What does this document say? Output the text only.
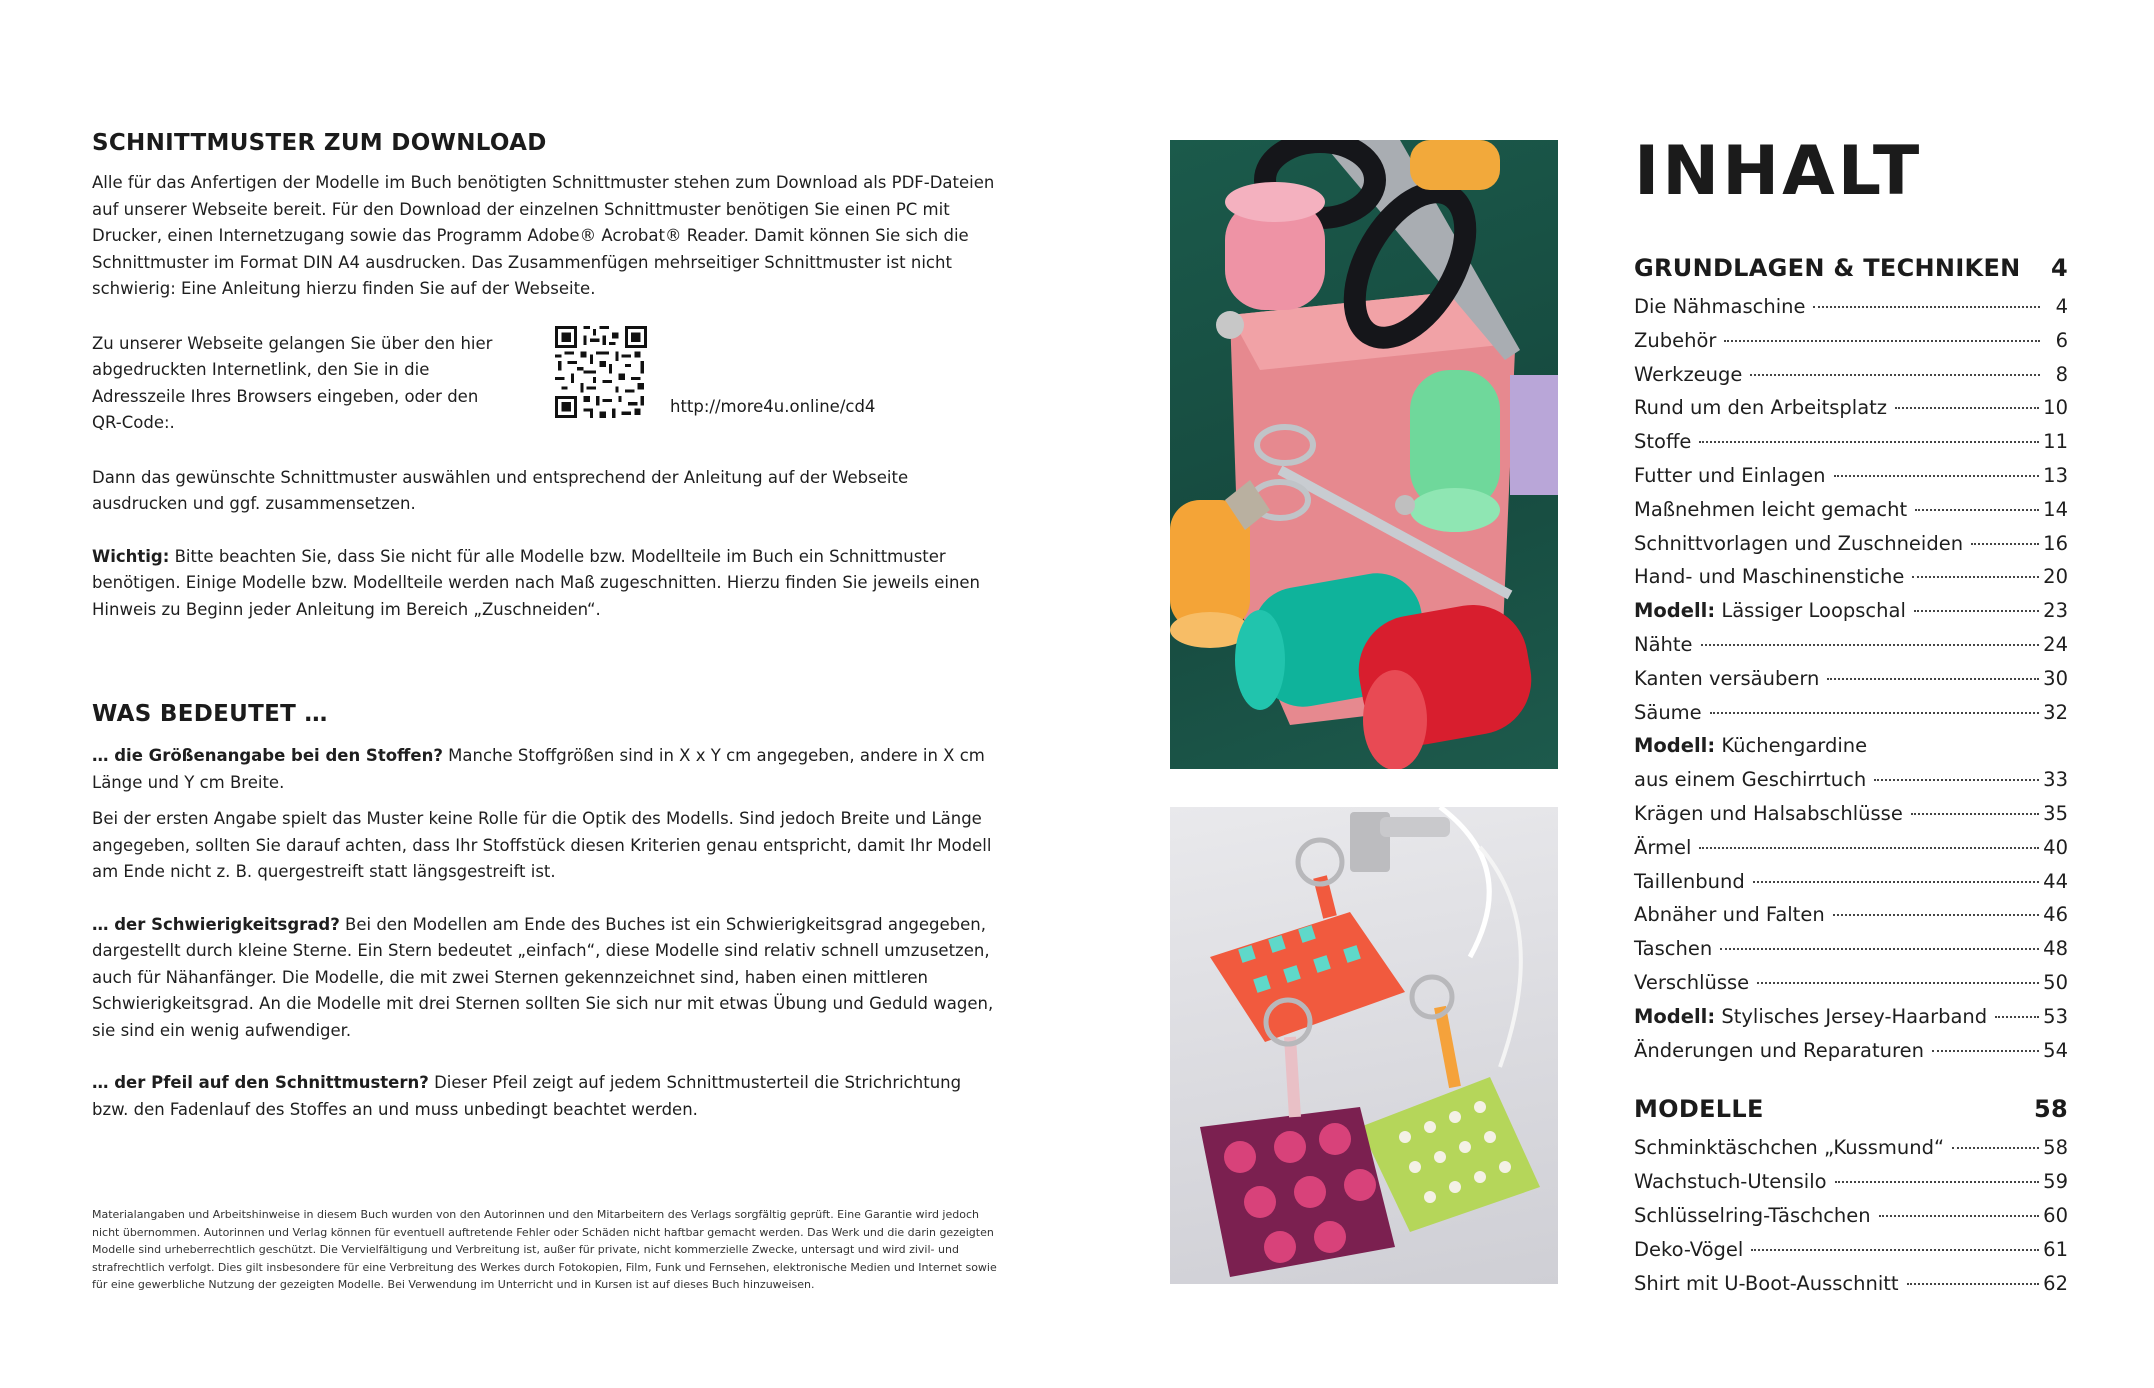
SCHNITTMUSTER ZUM DOWNLOAD

Alle für das Anfertigen der Modelle im Buch benötigten Schnittmuster stehen zum Download als PDF-Dateien auf unserer Webseite bereit. Für den Download der einzelnen Schnittmuster benötigen Sie einen PC mit Drucker, einen Internetzugang sowie das Programm Adobe® Acrobat® Reader. Damit können Sie sich die Schnittmuster im Format DIN A4 ausdrucken. Das Zusammenfügen mehrseitiger Schnittmuster ist nicht schwierig: Eine Anleitung hierzu finden Sie auf der Webseite.

Zu unserer Webseite gelangen Sie über den hier abgedruckten Internetlink, den Sie in die Adresszeile Ihres Browsers eingeben, oder den QR-Code:.

http://more4u.online/cd4

Dann das gewünschte Schnittmuster auswählen und entsprechend der Anleitung auf der Webseite ausdrucken und ggf. zusammensetzen.

Wichtig: Bitte beachten Sie, dass Sie nicht für alle Modelle bzw. Modellteile im Buch ein Schnittmuster benötigen. Einige Modelle bzw. Modellteile werden nach Maß zugeschnitten. Hierzu finden Sie jeweils einen Hinweis zu Beginn jeder Anleitung im Bereich „Zuschneiden“.

WAS BEDEUTET …

… die Größenangabe bei den Stoffen? Manche Stoffgrößen sind in X x Y cm angegeben, andere in X cm Länge und Y cm Breite.

Bei der ersten Angabe spielt das Muster keine Rolle für die Optik des Modells. Sind jedoch Breite und Länge angegeben, sollten Sie darauf achten, dass Ihr Stoffstück diesen Kriterien genau entspricht, damit Ihr Modell am Ende nicht z. B. quergestreift statt längsgestreift ist.

… der Schwierigkeitsgrad? Bei den Modellen am Ende des Buches ist ein Schwierigkeitsgrad angegeben, dargestellt durch kleine Sterne. Ein Stern bedeutet „einfach“, diese Modelle sind relativ schnell umzusetzen, auch für Nähanfänger. Die Modelle, die mit zwei Sternen gekennzeichnet sind, haben einen mittleren Schwierigkeitsgrad. An die Modelle mit drei Sternen sollten Sie sich nur mit etwas Übung und Geduld wagen, sie sind ein wenig aufwendiger.

… der Pfeil auf den Schnittmustern? Dieser Pfeil zeigt auf jedem Schnittmusterteil die Strichrichtung bzw. den Fadenlauf des Stoffes an und muss unbedingt beachtet werden.

Materialangaben und Arbeitshinweise in diesem Buch wurden von den Autorinnen und den Mitarbeitern des Verlags sorgfältig geprüft. Eine Garantie wird jedoch nicht übernommen. Autorinnen und Verlag können für eventuell auftretende Fehler oder Schäden nicht haftbar gemacht werden. Das Werk und die darin gezeigten Modelle sind urheberrechtlich geschützt. Die Vervielfältigung und Verbreitung ist, außer für private, nicht kommerzielle Zwecke, untersagt und wird zivil- und strafrechtlich verfolgt. Dies gilt insbesondere für eine Verbreitung des Werkes durch Fotokopien, Film, Funk und Fernsehen, elektronische Medien und Internet sowie für eine gewerbliche Nutzung der gezeigten Modelle. Bei Verwendung im Unterricht und in Kursen ist auf dieses Buch hinzuweisen.

INHALT
GRUNDLAGEN & TECHNIKEN 4
Die Nähmaschine	4
Zubehör	6
Werkzeuge	8
Rund um den Arbeitsplatz	10
Stoffe	11
Futter und Einlagen	13
Maßnehmen leicht gemacht	14
Schnittvorlagen und Zuschneiden	16
Hand- und Maschinenstiche	20
Modell: Lässiger Loopschal	23
Nähte	24
Kanten versäubern	30
Säume	32
Modell: Küchengardine
aus einem Geschirrtuch	33
Krägen und Halsabschlüsse	35
Ärmel	40
Taillenbund	44
Abnäher und Falten	46
Taschen	48
Verschlüsse	50
Modell: Stylisches Jersey-Haarband	53
Änderungen und Reparaturen	54
MODELLE	58
Schminktäschchen „Kussmund“	58
Wachstuch-Utensilo	59
Schlüsselring-Täschchen	60
Deko-Vögel	61
Shirt mit U-Boot-Ausschnitt	62
